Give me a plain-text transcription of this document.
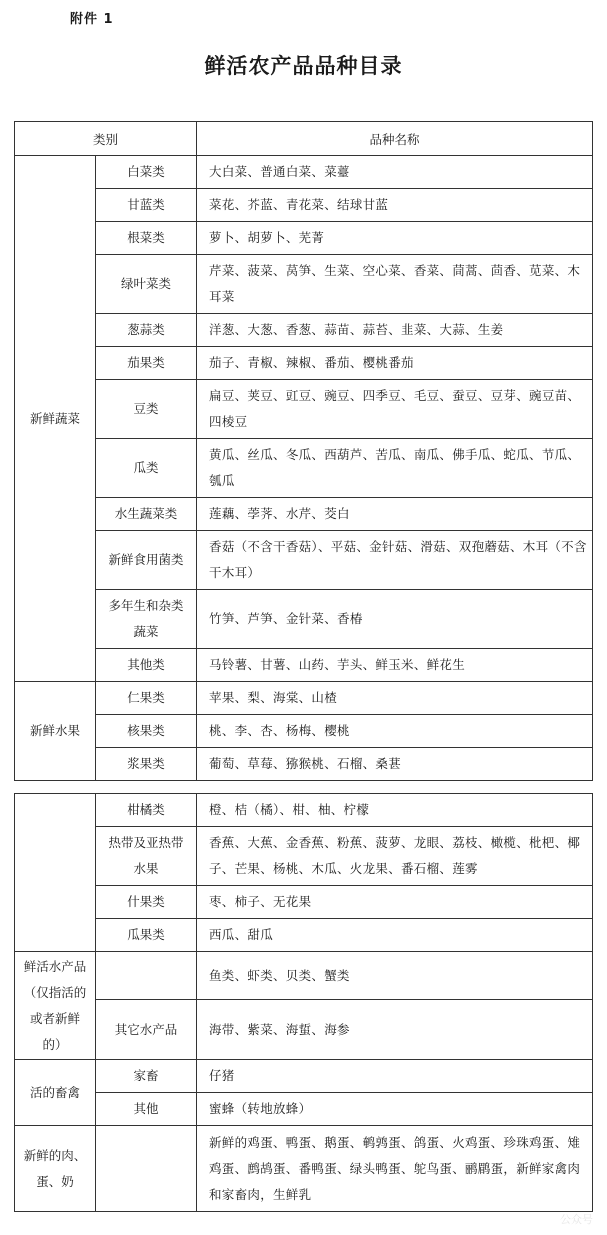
附件 1
鲜活农产品品种目录
类别		品种名称
新鲜蔬菜	白菜类	大白菜、普通白菜、菜薹
	甘蓝类	菜花、芥蓝、青花菜、结球甘蓝
	根菜类	萝卜、胡萝卜、芜菁
	绿叶菜类	芹菜、菠菜、莴笋、生菜、空心菜、香菜、茼蒿、茴香、苋菜、木耳菜
	葱蒜类	洋葱、大葱、香葱、蒜苗、蒜苔、韭菜、大蒜、生姜
	茄果类	茄子、青椒、辣椒、番茄、樱桃番茄
	豆类	扁豆、荚豆、豇豆、豌豆、四季豆、毛豆、蚕豆、豆芽、豌豆苗、四棱豆
	瓜类	黄瓜、丝瓜、冬瓜、西葫芦、苦瓜、南瓜、佛手瓜、蛇瓜、节瓜、瓠瓜
	水生蔬菜类	莲藕、荸荠、水芹、茭白
	新鲜食用菌类	香菇（不含干香菇）、平菇、金针菇、滑菇、双孢蘑菇、木耳（不含干木耳）
	多年生和杂类蔬菜	竹笋、芦笋、金针菜、香椿
	其他类	马铃薯、甘薯、山药、芋头、鲜玉米、鲜花生
新鲜水果	仁果类	苹果、梨、海棠、山楂
	核果类	桃、李、杏、杨梅、樱桃
	浆果类	葡萄、草莓、猕猴桃、石榴、桑葚
	柑橘类	橙、桔（橘）、柑、柚、柠檬
	热带及亚热带水果	香蕉、大蕉、金香蕉、粉蕉、菠萝、龙眼、荔枝、橄榄、枇杷、椰子、芒果、杨桃、木瓜、火龙果、番石榴、莲雾
	什果类	枣、柿子、无花果
	瓜果类	西瓜、甜瓜
鲜活水产品（仅指活的或者新鲜的）		鱼类、虾类、贝类、蟹类
	其它水产品	海带、紫菜、海蜇、海参
活的畜禽	家畜	仔猪
	其他	蜜蜂（转地放蜂）
新鲜的肉、蛋、奶		新鲜的鸡蛋、鸭蛋、鹅蛋、鹌鹑蛋、鸽蛋、火鸡蛋、珍珠鸡蛋、雉鸡蛋、鹧鸪蛋、番鸭蛋、绿头鸭蛋、鸵鸟蛋、鹂鹛蛋，新鲜家禽肉和家畜肉，生鲜乳
公众号
